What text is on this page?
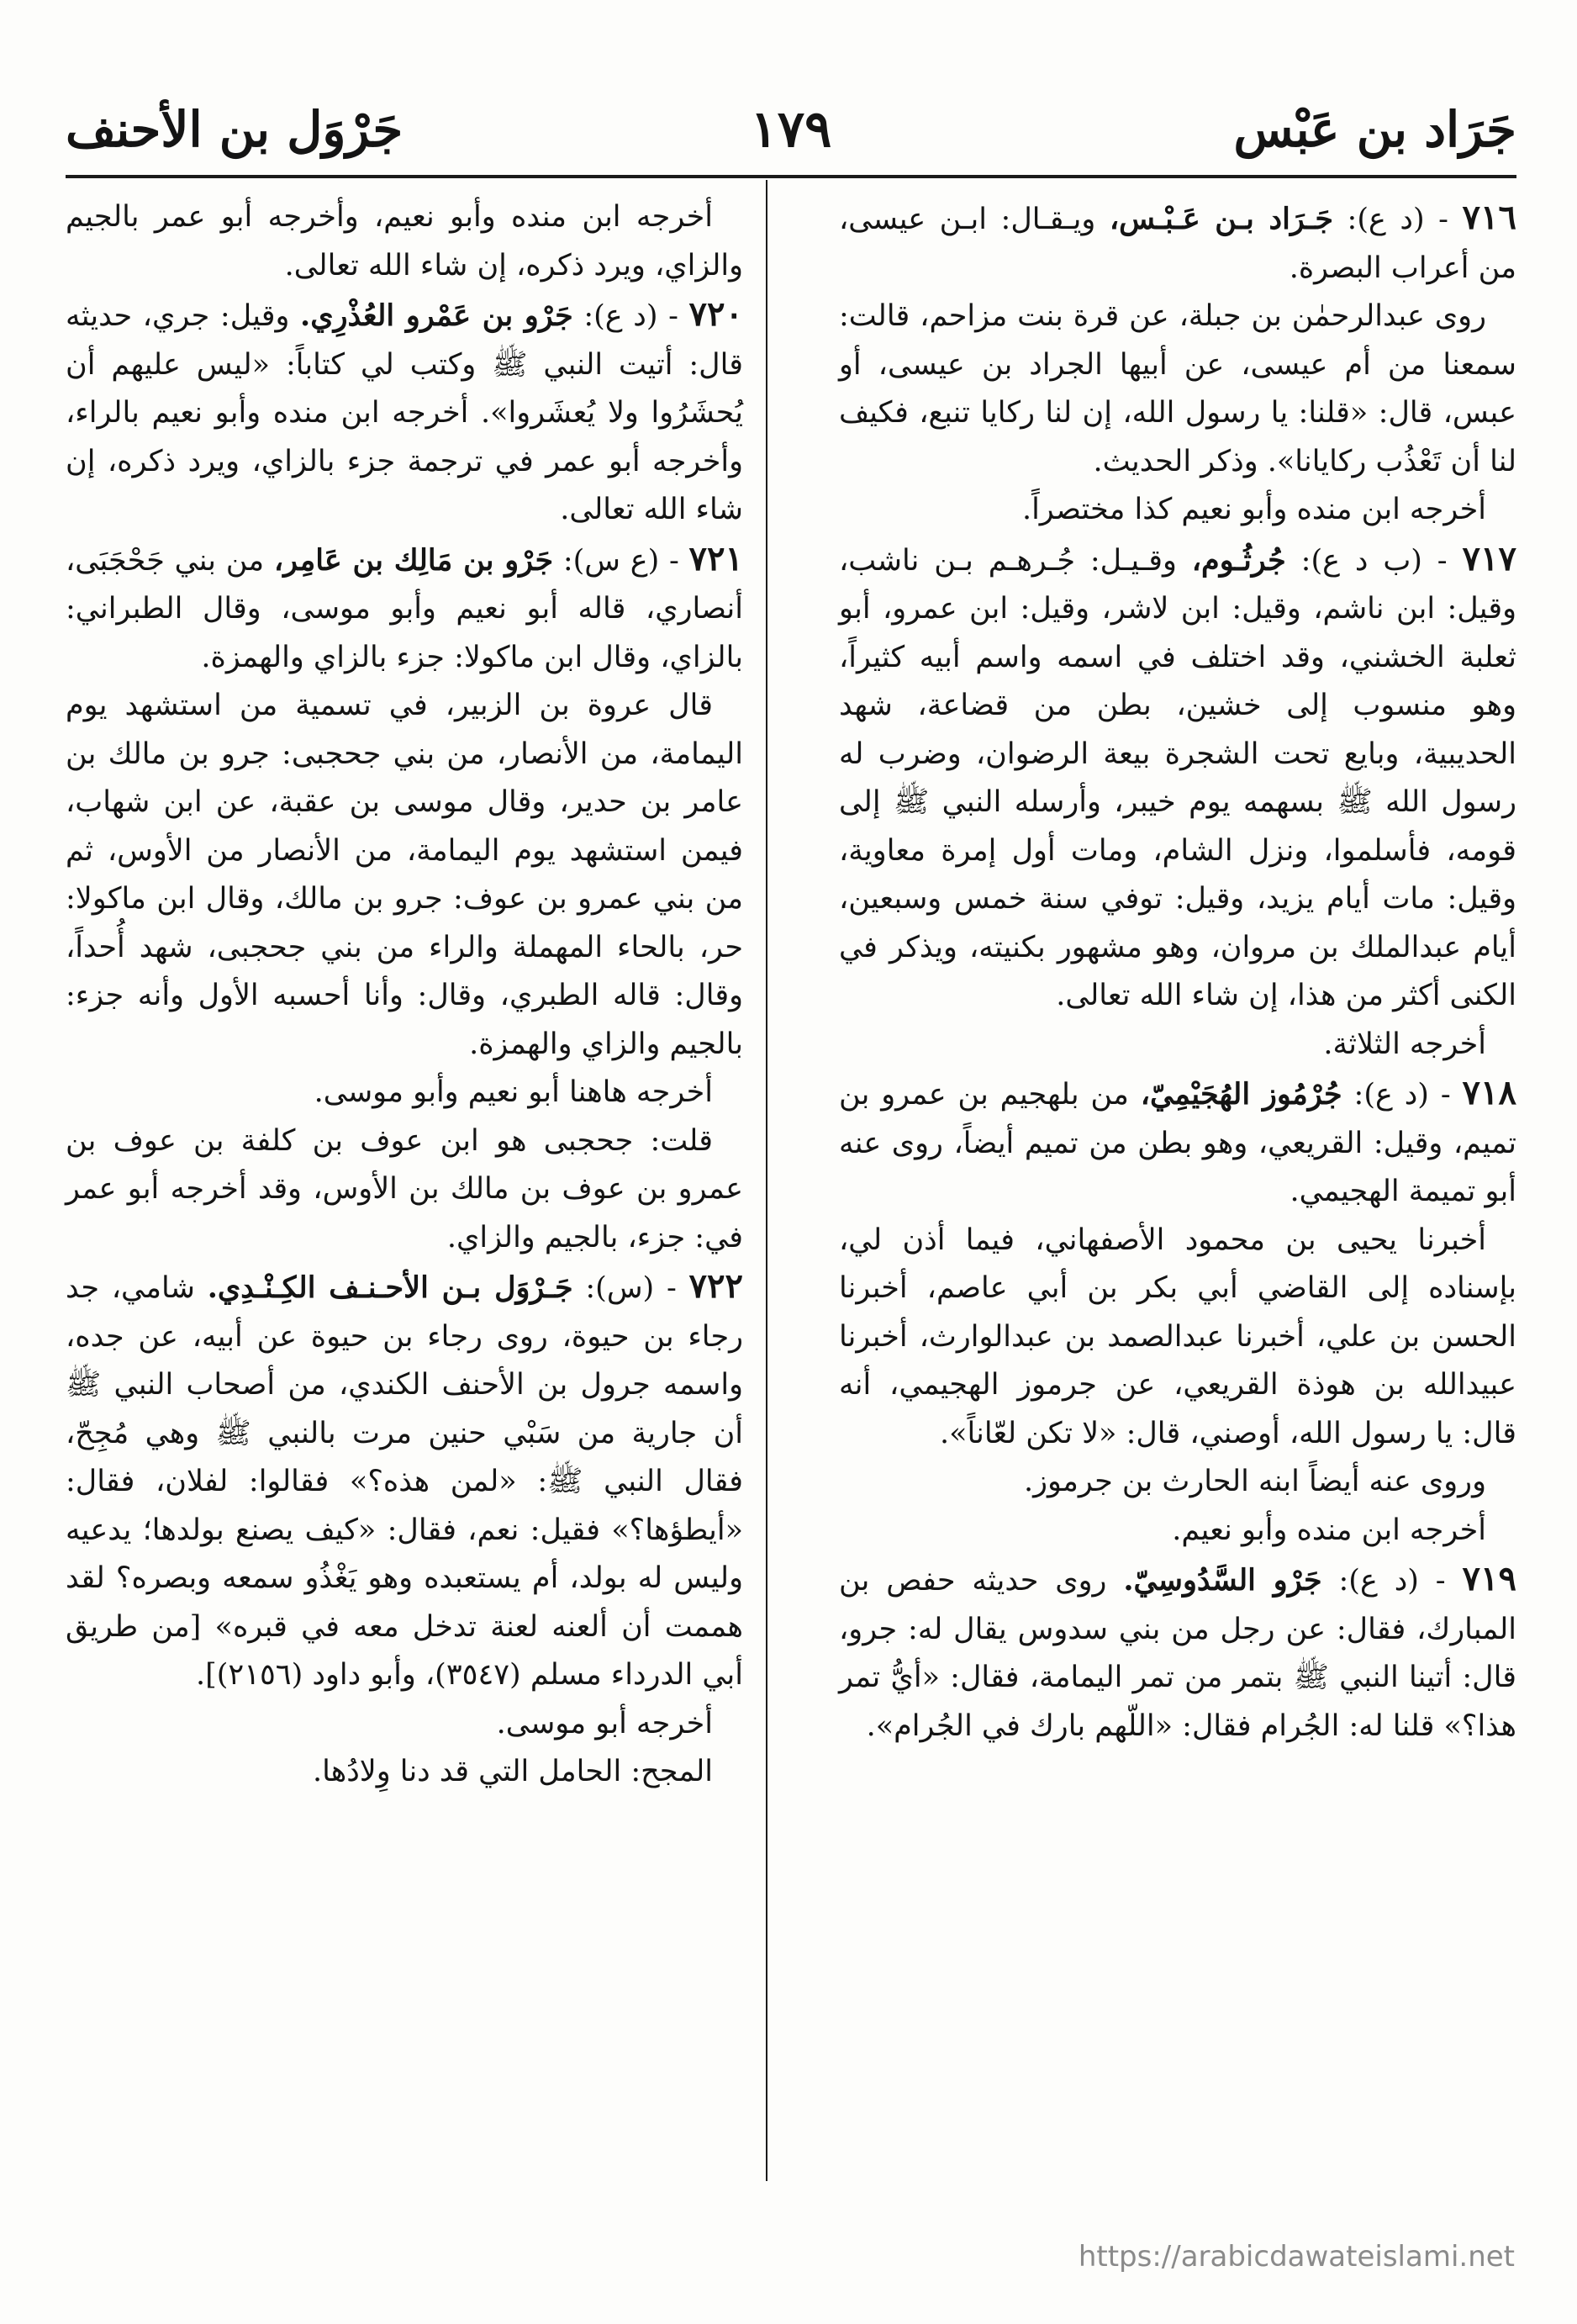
جَرَاد بن عَبْس
١٧٩
جَرْوَل بن الأحنف

٧١٦ - (د ع): جَـرَاد بـن عَـبْـس، ويـقـال: ابـن عيسى، من أعراب البصرة.

روى عبدالرحمٰن بن جبلة، عن قرة بنت مزاحم، قالت: سمعنا من أم عيسى، عن أبيها الجراد بن عيسى، أو عبس، قال: «قلنا: يا رسول الله، إن لنا ركايا تنبع، فكيف لنا أن تَعْذُب ركايانا». وذكر الحديث.

أخرجه ابن منده وأبو نعيم كذا مختصراً.

٧١٧ - (ب د ع): جُرثُـوم، وقـيـل: جُـرهـم بـن ناشب، وقيل: ابن ناشم، وقيل: ابن لاشر، وقيل: ابن عمرو، أبو ثعلبة الخشني، وقد اختلف في اسمه واسم أبيه كثيراً، وهو منسوب إلى خشين، بطن من قضاعة، شهد الحديبية، وبايع تحت الشجرة بيعة الرضوان، وضرب له رسول الله ﷺ بسهمه يوم خيبر، وأرسله النبي ﷺ إلى قومه، فأسلموا، ونزل الشام، ومات أول إمرة معاوية، وقيل: مات أيام يزيد، وقيل: توفي سنة خمس وسبعين، أيام عبدالملك بن مروان، وهو مشهور بكنيته، ويذكر في الكنى أكثر من هذا، إن شاء الله تعالى.

أخرجه الثلاثة.

٧١٨ - (د ع): جُرْمُوز الهُجَيْمِيّ، من بلهجيم بن عمرو بن تميم، وقيل: القريعي، وهو بطن من تميم أيضاً، روى عنه أبو تميمة الهجيمي.

أخبرنا يحيى بن محمود الأصفهاني، فيما أذن لي، بإسناده إلى القاضي أبي بكر بن أبي عاصم، أخبرنا الحسن بن علي، أخبرنا عبدالصمد بن عبدالوارث، أخبرنا عبيدالله بن هوذة القريعي، عن جرموز الهجيمي، أنه قال: يا رسول الله، أوصني، قال: «لا تكن لعّاناً».

وروى عنه أيضاً ابنه الحارث بن جرموز.

أخرجه ابن منده وأبو نعيم.

٧١٩ - (د ع): جَرْو السَّدُوسِيّ. روى حديثه حفص بن المبارك، فقال: عن رجل من بني سدوس يقال له: جرو، قال: أتينا النبي ﷺ بتمر من تمر اليمامة، فقال: «أيُّ تمر هذا؟» قلنا له: الجُرام فقال: «اللّهم بارك في الجُرام».

أخرجه ابن منده وأبو نعيم، وأخرجه أبو عمر بالجيم والزاي، ويرد ذكره، إن شاء الله تعالى.

٧٢٠ - (د ع): جَرْو بن عَمْرو العُذْرِي. وقيل: جري، حديثه قال: أتيت النبي ﷺ وكتب لي كتاباً: «ليس عليهم أن يُحشَرُوا ولا يُعشَروا». أخرجه ابن منده وأبو نعيم بالراء، وأخرجه أبو عمر في ترجمة جزء بالزاي، ويرد ذكره، إن شاء الله تعالى.

٧٢١ - (ع س): جَرْو بن مَالِك بن عَامِر، من بني جَحْجَبَى، أنصاري، قاله أبو نعيم وأبو موسى، وقال الطبراني: بالزاي، وقال ابن ماكولا: جزء بالزاي والهمزة.

قال عروة بن الزبير، في تسمية من استشهد يوم اليمامة، من الأنصار، من بني جحجبى: جرو بن مالك بن عامر بن حدير، وقال موسى بن عقبة، عن ابن شهاب، فيمن استشهد يوم اليمامة، من الأنصار من الأوس، ثم من بني عمرو بن عوف: جرو بن مالك، وقال ابن ماكولا: حر، بالحاء المهملة والراء من بني جحجبى، شهد أُحداً، وقال: قاله الطبري، وقال: وأنا أحسبه الأول وأنه جزء: بالجيم والزاي والهمزة.

أخرجه هاهنا أبو نعيم وأبو موسى.

قلت: جحجبى هو ابن عوف بن كلفة بن عوف بن عمرو بن عوف بن مالك بن الأوس، وقد أخرجه أبو عمر في: جزء، بالجيم والزاي.

٧٢٢ - (س): جَـرْوَل بـن الأحـنـف الكِـنْـدِي. شامي، جد رجاء بن حيوة، روى رجاء بن حيوة عن أبيه، عن جده، واسمه جرول بن الأحنف الكندي، من أصحاب النبي ﷺ أن جارية من سَبْي حنين مرت بالنبي ﷺ وهي مُجِحّ، فقال النبي ﷺ: «لمن هذه؟» فقالوا: لفلان، فقال: «أيطؤها؟» فقيل: نعم، فقال: «كيف يصنع بولدها؛ يدعيه وليس له بولد، أم يستعبده وهو يَغْذُو سمعه وبصره؟ لقد هممت أن ألعنه لعنة تدخل معه في قبره» [من طريق أبي الدرداء مسلم (٣٥٤٧)، وأبو داود (٢١٥٦)].

أخرجه أبو موسى.

المجح: الحامل التي قد دنا وِلادُها.

https://arabicdawateislami.net
